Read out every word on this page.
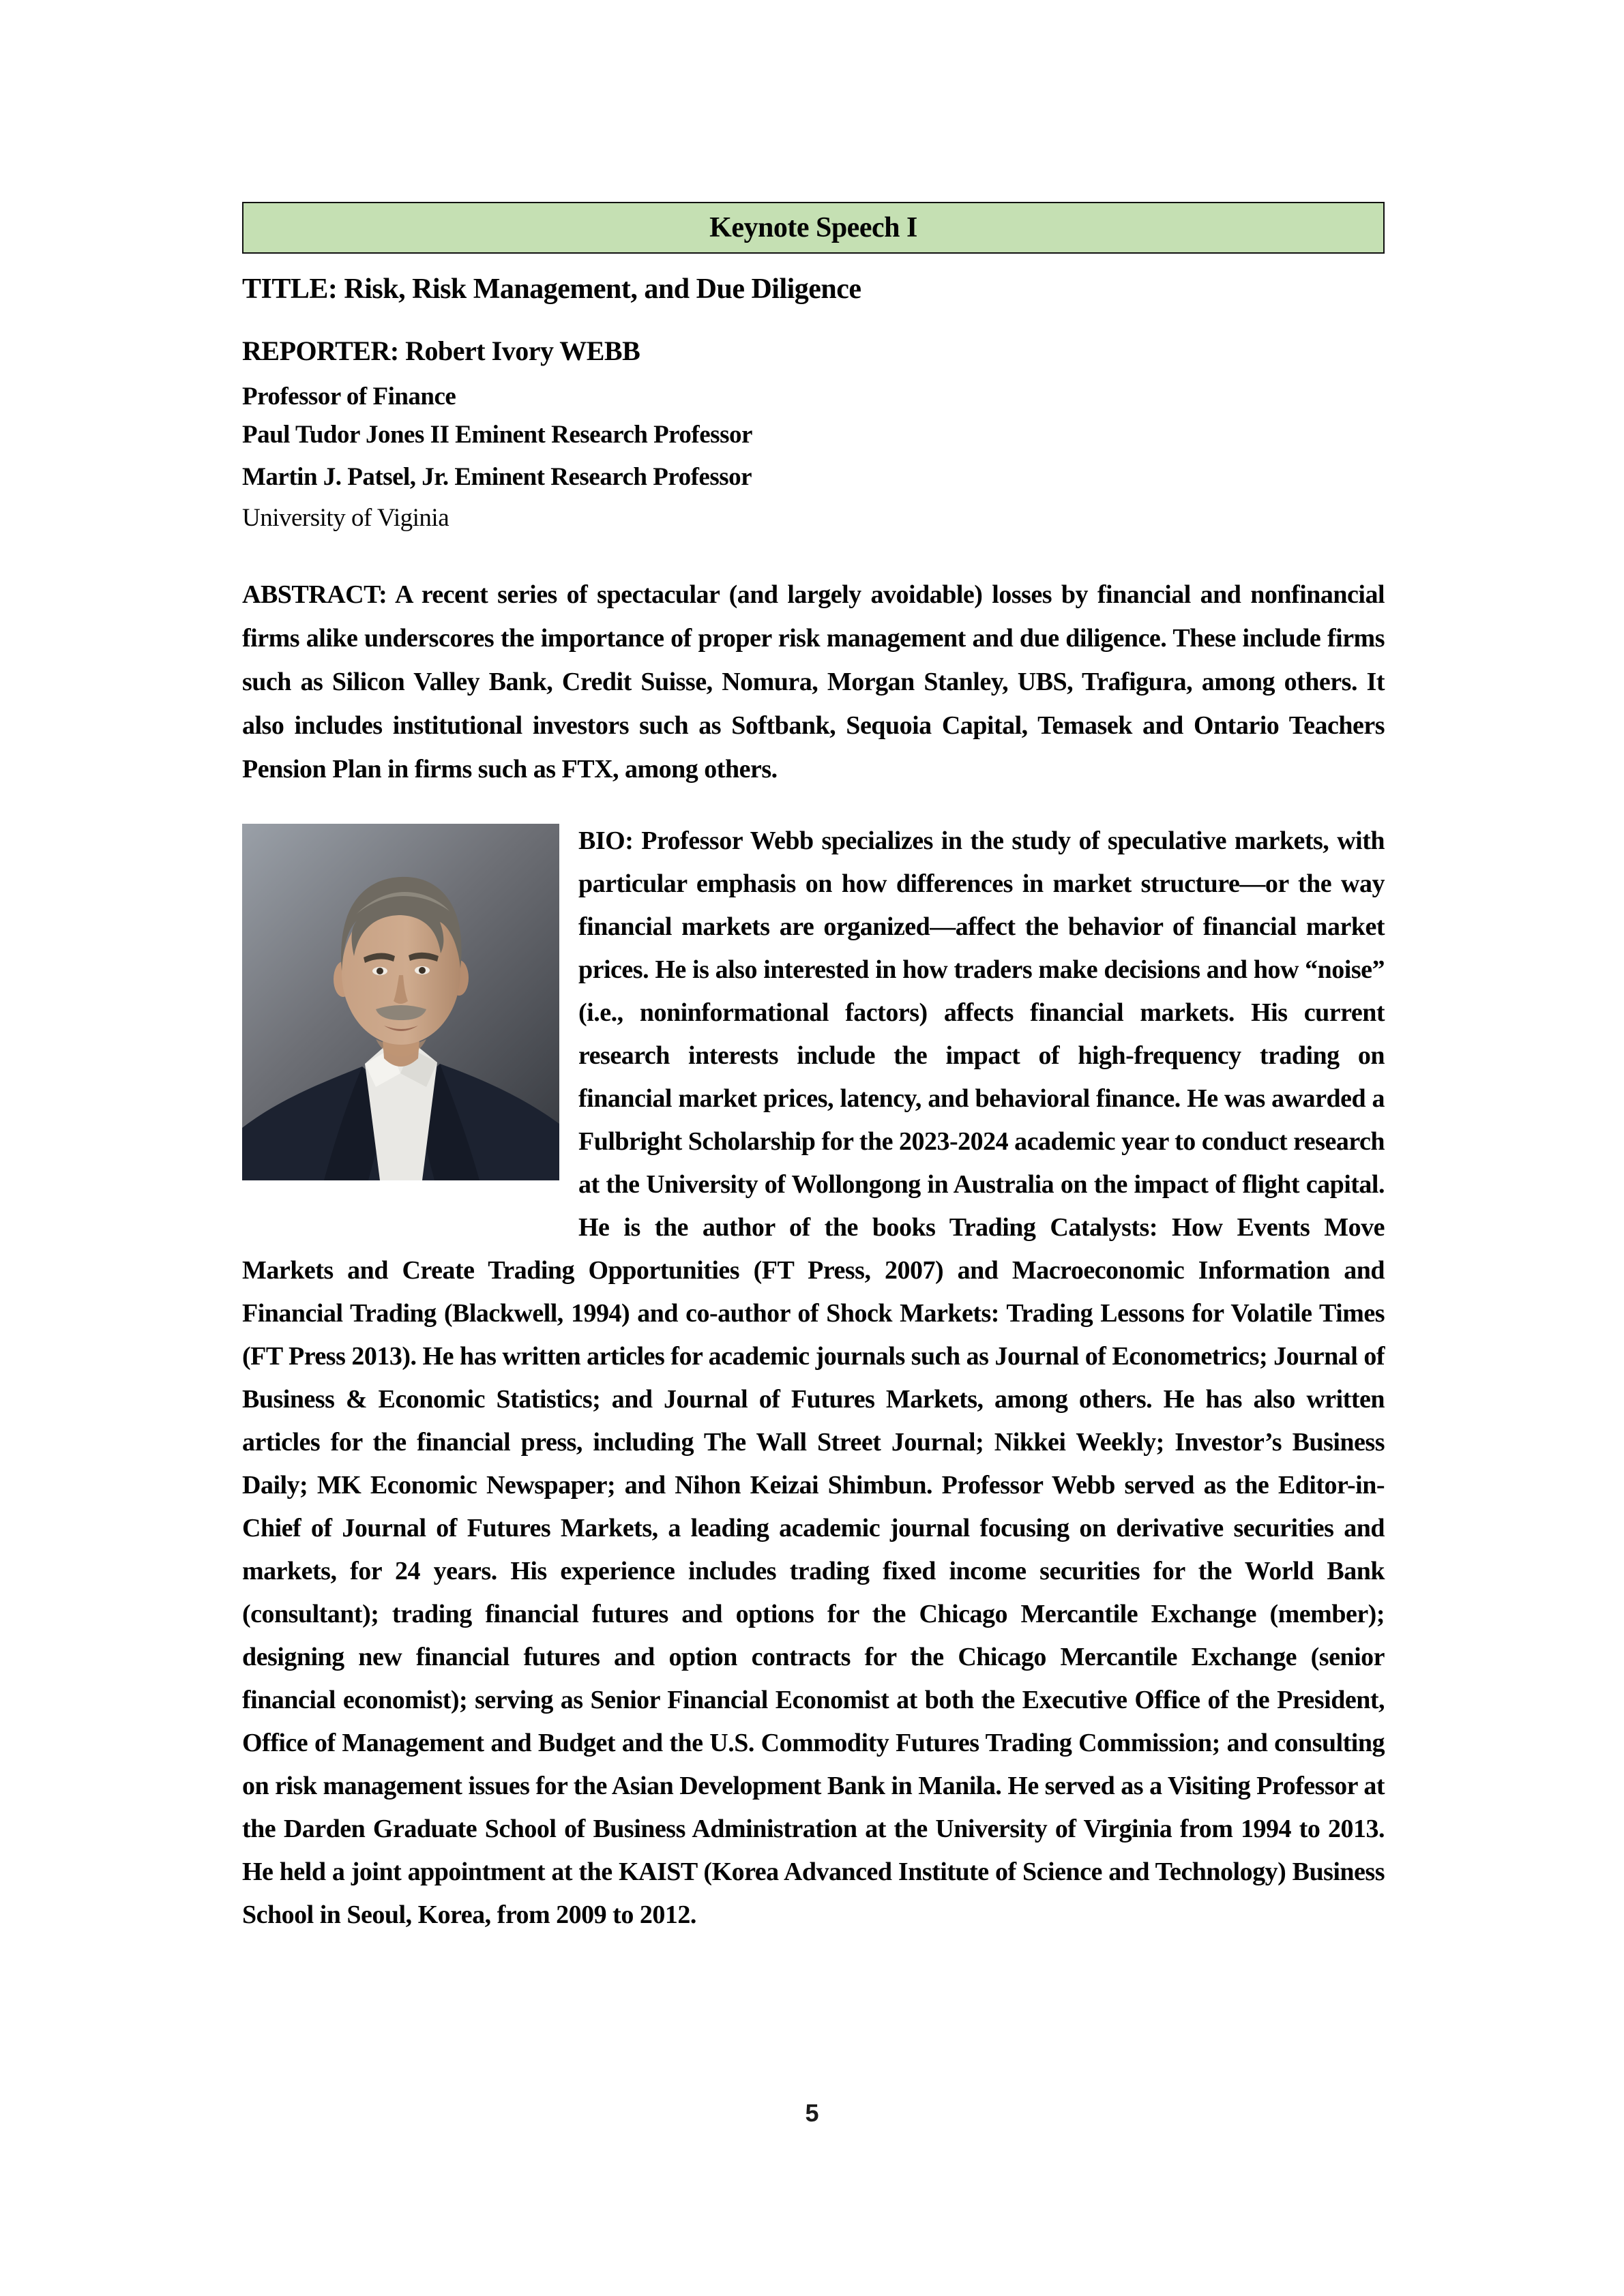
Keynote Speech I

TITLE: Risk, Risk Management, and Due Diligence

REPORTER: Robert Ivory WEBB

Professor of Finance

Paul Tudor Jones II Eminent Research Professor

Martin J. Patsel, Jr. Eminent Research Professor

University of Viginia

ABSTRACT: A recent series of spectacular (and largely avoidable) losses by financial and nonfinancial firms alike underscores the importance of proper risk management and due diligence. These include firms such as Silicon Valley Bank, Credit Suisse, Nomura, Morgan Stanley, UBS, Trafigura, among others. It also includes institutional investors such as Softbank, Sequoia Capital, Temasek and Ontario Teachers Pension Plan in firms such as FTX, among others.

BIO: Professor Webb specializes in the study of speculative markets, with particular emphasis on how differences in market structure—or the way financial markets are organized—affect the behavior of financial market prices. He is also interested in how traders make decisions and how “noise” (i.e., noninformational factors) affects financial markets. His current research interests include the impact of high-frequency trading on financial market prices, latency, and behavioral finance. He was awarded a Fulbright Scholarship for the 2023-2024 academic year to conduct research at the University of Wollongong in Australia on the impact of flight capital. He is the author of the books Trading Catalysts: How Events Move Markets and Create Trading Opportunities (FT Press, 2007) and Macroeconomic Information and Financial Trading (Blackwell, 1994) and co-author of Shock Markets: Trading Lessons for Volatile Times (FT Press 2013). He has written articles for academic journals such as Journal of Econometrics; Journal of Business & Economic Statistics; and Journal of Futures Markets, among others. He has also written articles for the financial press, including The Wall Street Journal; Nikkei Weekly; Investor’s Business Daily; MK Economic Newspaper; and Nihon Keizai Shimbun. Professor Webb served as the Editor-in-Chief of Journal of Futures Markets, a leading academic journal focusing on derivative securities and markets, for 24 years. His experience includes trading fixed income securities for the World Bank (consultant); trading financial futures and options for the Chicago Mercantile Exchange (member); designing new financial futures and option contracts for the Chicago Mercantile Exchange (senior financial economist); serving as Senior Financial Economist at both the Executive Office of the President, Office of Management and Budget and the U.S. Commodity Futures Trading Commission; and consulting on risk management issues for the Asian Development Bank in Manila. He served as a Visiting Professor at the Darden Graduate School of Business Administration at the University of Virginia from 1994 to 2013. He held a joint appointment at the KAIST (Korea Advanced Institute of Science and Technology) Business School in Seoul, Korea, from 2009 to 2012.

5
